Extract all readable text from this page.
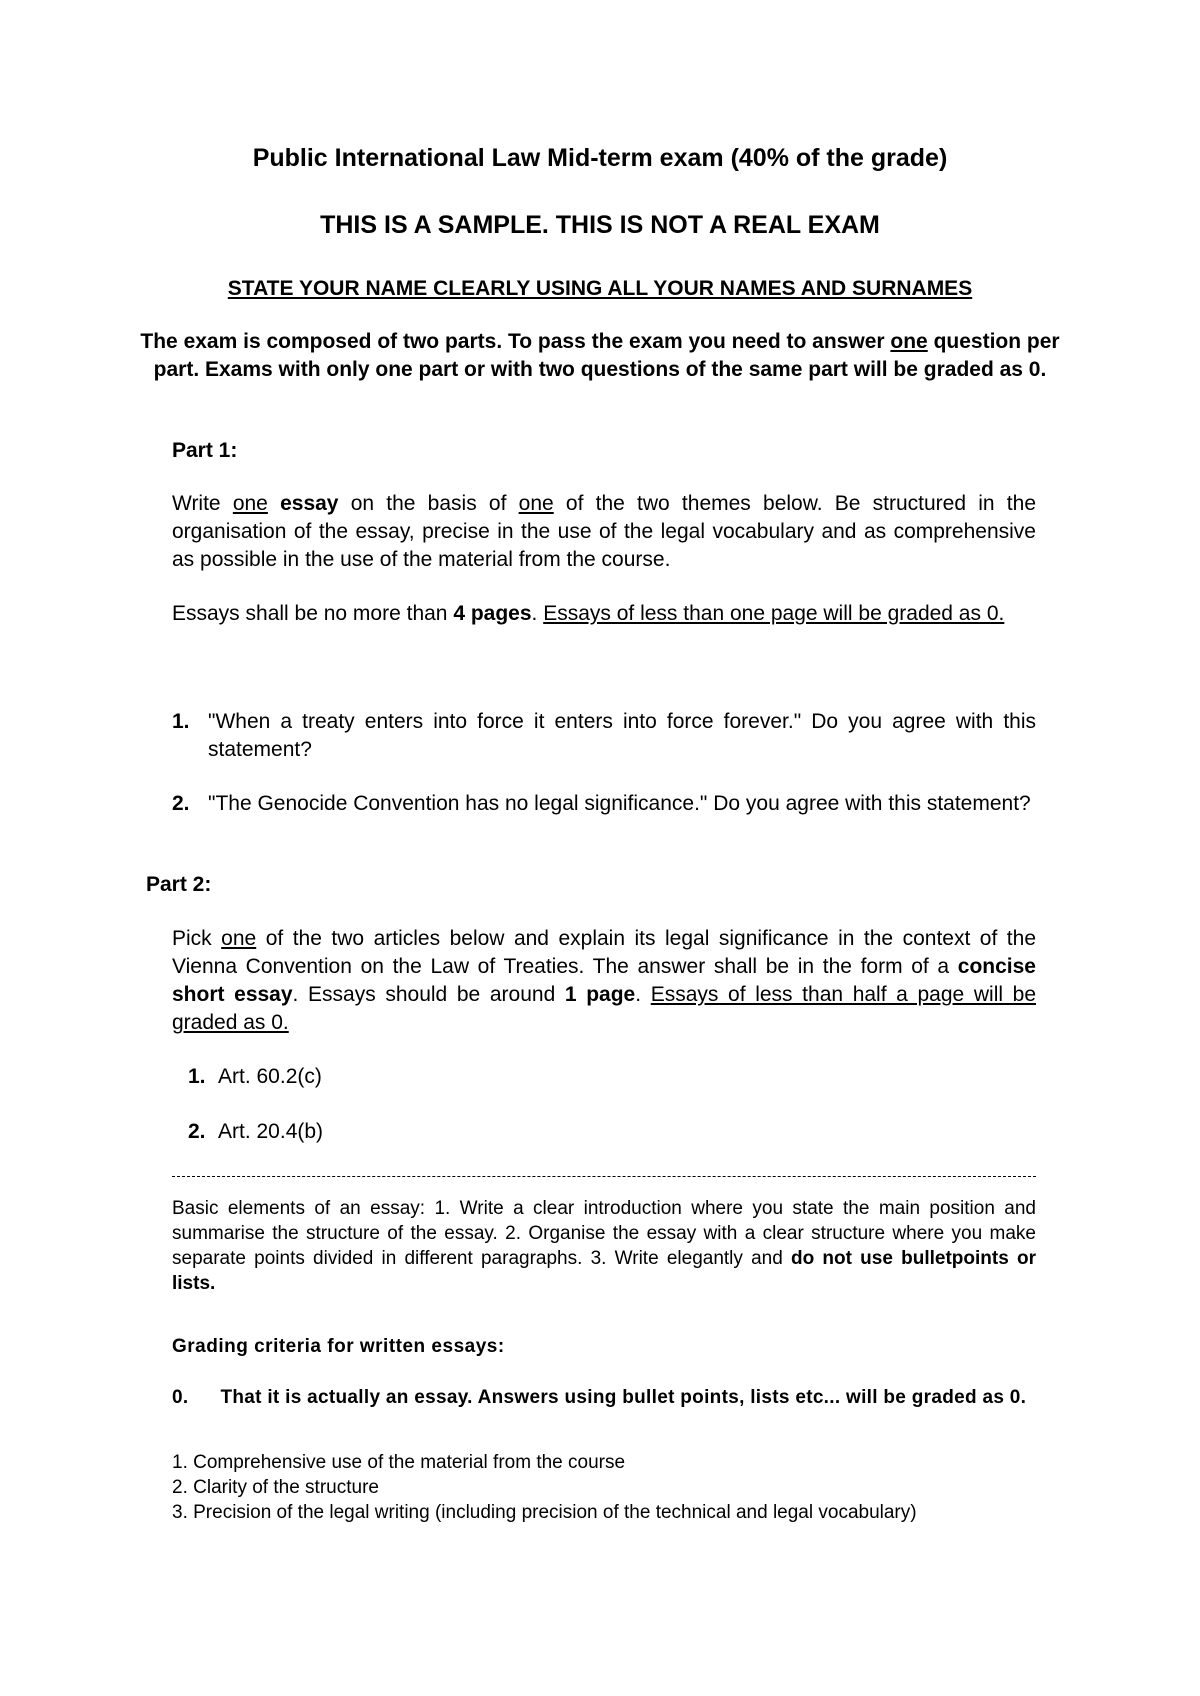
Public International Law Mid-term exam (40% of the grade)

THIS IS A SAMPLE. THIS IS NOT A REAL EXAM

STATE YOUR NAME CLEARLY USING ALL YOUR NAMES AND SURNAMES

The exam is composed of two parts. To pass the exam you need to answer one question per part. Exams with only one part or with two questions of the same part will be graded as 0.

Part 1:

Write one essay on the basis of one of the two themes below. Be structured in the organisation of the essay, precise in the use of the legal vocabulary and as comprehensive as possible in the use of the material from the course.

Essays shall be no more than 4 pages. Essays of less than one page will be graded as 0.

1. "When a treaty enters into force it enters into force forever." Do you agree with this statement?
2. "The Genocide Convention has no legal significance." Do you agree with this statement?

Part 2:

Pick one of the two articles below and explain its legal significance in the context of the Vienna Convention on the Law of Treaties. The answer shall be in the form of a concise short essay. Essays should be around 1 page. Essays of less than half a page will be graded as 0.

1. Art. 60.2(c)
2. Art. 20.4(b)

Basic elements of an essay: 1. Write a clear introduction where you state the main position and summarise the structure of the essay. 2. Organise the essay with a clear structure where you make separate points divided in different paragraphs. 3. Write elegantly and do not use bulletpoints or lists.

Grading criteria for written essays:

0. That it is actually an essay. Answers using bullet points, lists etc... will be graded as 0.

1. Comprehensive use of the material from the course
2. Clarity of the structure
3. Precision of the legal writing (including precision of the technical and legal vocabulary)
